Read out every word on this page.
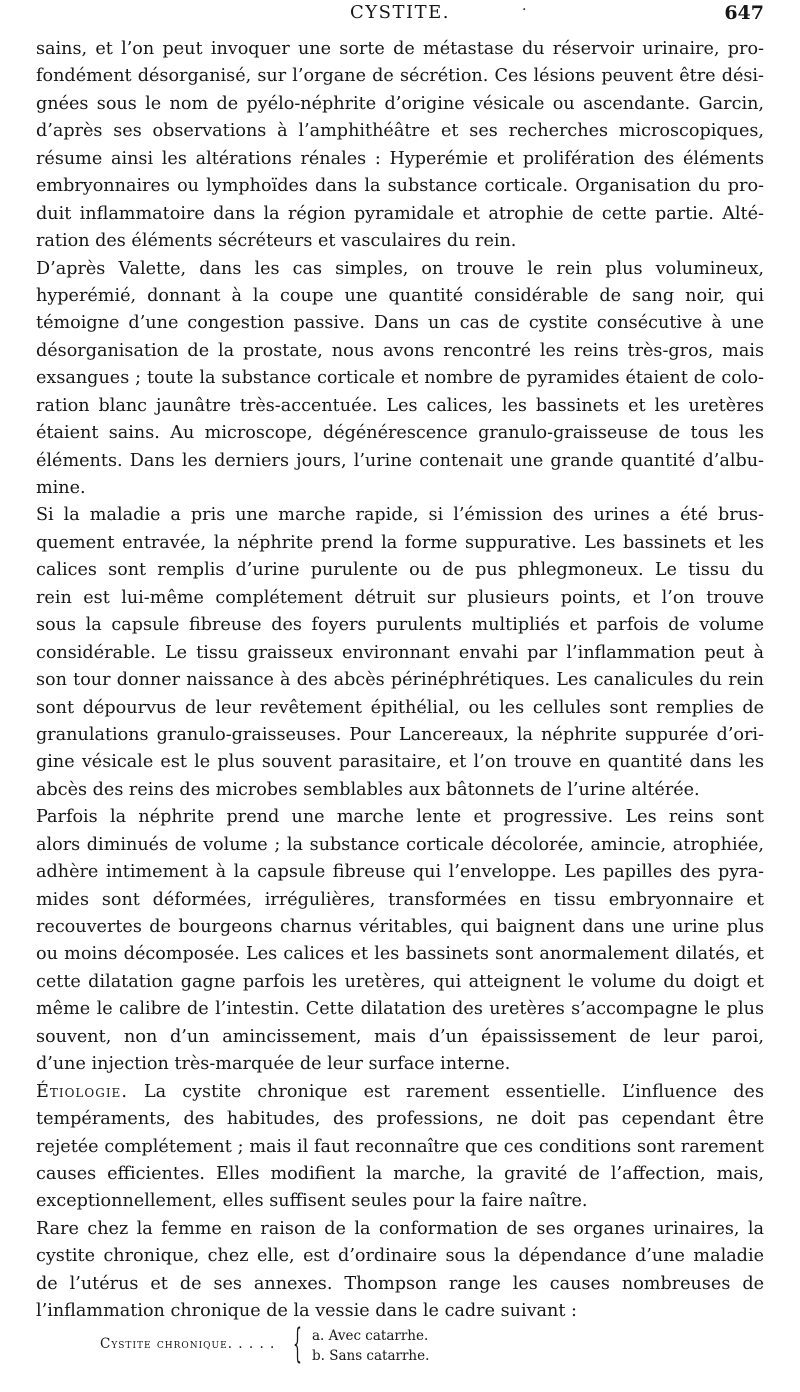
CYSTITE.	·	647

sains, et l’on peut invoquer une sorte de métastase du réservoir urinaire, pro-
fondément désorganisé, sur l’organe de sécrétion. Ces lésions peuvent être dési-
gnées sous le nom de pyélo-néphrite d’origine vésicale ou ascendante. Garcin,
d’après ses observations à l’amphithéâtre et ses recherches microscopiques,
résume ainsi les altérations rénales : Hyperémie et prolifération des éléments
embryonnaires ou lymphoïdes dans la substance corticale. Organisation du pro-
duit inflammatoire dans la région pyramidale et atrophie de cette partie. Alté-
ration des éléments sécréteurs et vasculaires du rein.

D’après Valette, dans les cas simples, on trouve le rein plus volumineux,
hyperémié, donnant à la coupe une quantité considérable de sang noir, qui
témoigne d’une congestion passive. Dans un cas de cystite consécutive à une
désorganisation de la prostate, nous avons rencontré les reins très-gros, mais
exsangues ; toute la substance corticale et nombre de pyramides étaient de colo-
ration blanc jaunâtre très-accentuée. Les calices, les bassinets et les uretères
étaient sains. Au microscope, dégénérescence granulo-graisseuse de tous les
éléments. Dans les derniers jours, l’urine contenait une grande quantité d’albu-
mine.

Si la maladie a pris une marche rapide, si l’émission des urines a été brus-
quement entravée, la néphrite prend la forme suppurative. Les bassinets et les
calices sont remplis d’urine purulente ou de pus phlegmoneux. Le tissu du
rein est lui-même complétement détruit sur plusieurs points, et l’on trouve
sous la capsule fibreuse des foyers purulents multipliés et parfois de volume
considérable. Le tissu graisseux environnant envahi par l’inflammation peut à
son tour donner naissance à des abcès périnéphrétiques. Les canalicules du rein
sont dépourvus de leur revêtement épithélial, ou les cellules sont remplies de
granulations granulo-graisseuses. Pour Lancereaux, la néphrite suppurée d’ori-
gine vésicale est le plus souvent parasitaire, et l’on trouve en quantité dans les
abcès des reins des microbes semblables aux bâtonnets de l’urine altérée.

Parfois la néphrite prend une marche lente et progressive. Les reins sont
alors diminués de volume ; la substance corticale décolorée, amincie, atrophiée,
adhère intimement à la capsule fibreuse qui l’enveloppe. Les papilles des pyra-
mides sont déformées, irrégulières, transformées en tissu embryonnaire et
recouvertes de bourgeons charnus véritables, qui baignent dans une urine plus
ou moins décomposée. Les calices et les bassinets sont anormalement dilatés, et
cette dilatation gagne parfois les uretères, qui atteignent le volume du doigt et
même le calibre de l’intestin. Cette dilatation des uretères s’accompagne le plus
souvent, non d’un amincissement, mais d’un épaississement de leur paroi,
d’une injection très-marquée de leur surface interne.

Étiologie. La cystite chronique est rarement essentielle. L’influence des
tempéraments, des habitudes, des professions, ne doit pas cependant être
rejetée complétement ; mais il faut reconnaître que ces conditions sont rarement
causes efficientes. Elles modifient la marche, la gravité de l’affection, mais,
exceptionnellement, elles suffisent seules pour la faire naître.

Rare chez la femme en raison de la conformation de ses organes urinaires, la
cystite chronique, chez elle, est d’ordinaire sous la dépendance d’une maladie
de l’utérus et de ses annexes. Thompson range les causes nombreuses de
l’inflammation chronique de la vessie dans le cadre suivant :

Cystite chronique. . . . . { a. Avec catarrhe.
b. Sans catarrhe.
